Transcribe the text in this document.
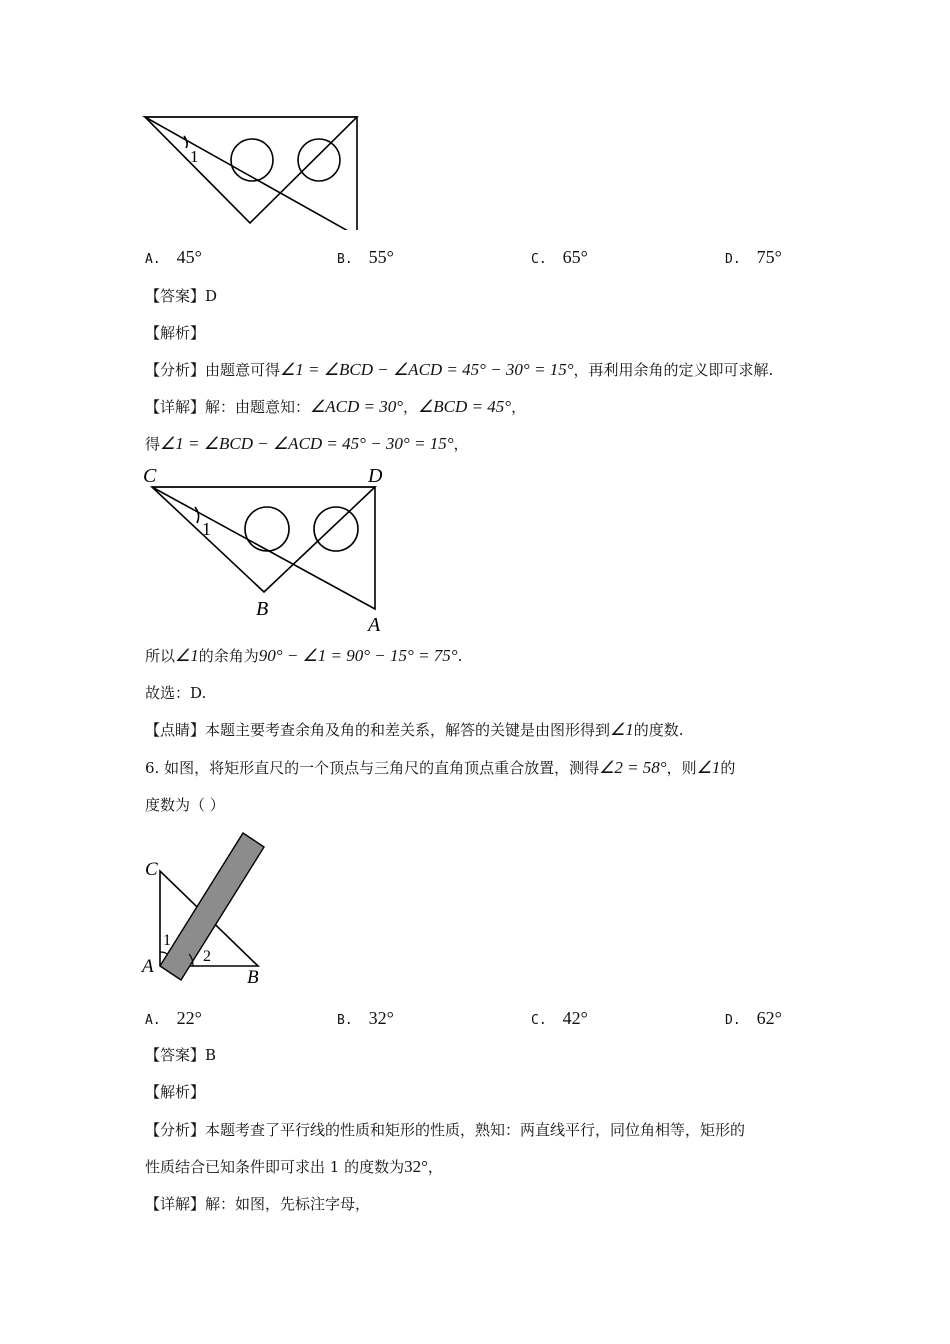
1
A. 45°	B. 55°	C. 65°	D. 75°
【答案】D
【解析】
【分析】由题意可得∠1 = ∠BCD − ∠ACD = 45° − 30° = 15°，再利用余角的定义即可求解.
【详解】解：由题意知：∠ACD = 30°，∠BCD = 45°，
得∠1 = ∠BCD − ∠ACD = 45° − 30° = 15°，
C	D
B
A
1
所以∠1的余角为90° − ∠1 = 90° − 15° = 75°.
故选：D.
【点睛】本题主要考查余角及角的和差关系，解答的关键是由图形得到∠1的度数.
6. 如图，将矩形直尺的一个顶点与三角尺的直角顶点重合放置，测得∠2 = 58°，则∠1的
度数为（ ）
C
A
B
1
2
A. 22°	B. 32°	C. 42°	D. 62°
【答案】B
【解析】
【分析】本题考查了平行线的性质和矩形的性质，熟知：两直线平行，同位角相等，矩形的
性质结合已知条件即可求出 1 的度数为32°，
【详解】解：如图，先标注字母，
